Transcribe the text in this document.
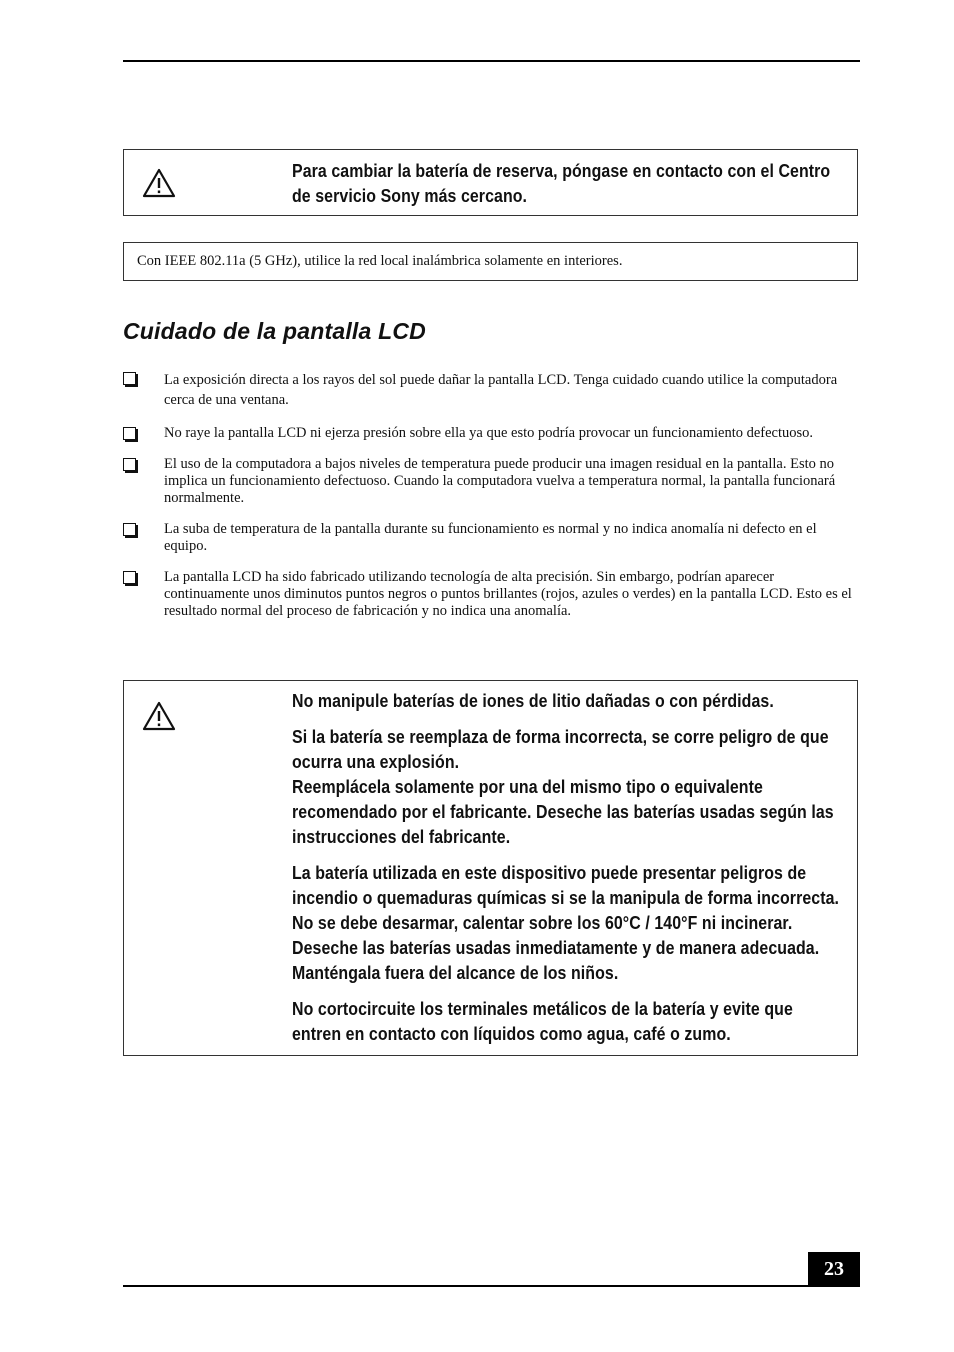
Para cambiar la batería de reserva, póngase en contacto con el Centro de servicio Sony más cercano.

Con IEEE 802.11a (5 GHz), utilice la red local inalámbrica solamente en interiores.
Cuidado de la pantalla LCD
La exposición directa a los rayos del sol puede dañar la pantalla LCD. Tenga cuidado cuando utilice la computadora cerca de una ventana.
No raye la pantalla LCD ni ejerza presión sobre ella ya que esto podría provocar un funcionamiento defectuoso.
El uso de la computadora a bajos niveles de temperatura puede producir una imagen residual en la pantalla. Esto no implica un funcionamiento defectuoso. Cuando la computadora vuelva a temperatura normal, la pantalla funcionará normalmente.
La suba de temperatura de la pantalla durante su funcionamiento es normal y no indica anomalía ni defecto en el equipo.
La pantalla LCD ha sido fabricado utilizando tecnología de alta precisión. Sin embargo, podrían aparecer continuamente unos diminutos puntos negros o puntos brillantes (rojos, azules o verdes) en la pantalla LCD. Esto es el resultado normal del proceso de fabricación y no indica una anomalía.

No manipule baterías de iones de litio dañadas o con pérdidas.

Si la batería se reemplaza de forma incorrecta, se corre peligro de que ocurra una explosión.

Reemplácela solamente por una del mismo tipo o equivalente recomendado por el fabricante. Deseche las baterías usadas según las instrucciones del fabricante.

La batería utilizada en este dispositivo puede presentar peligros de incendio o quemaduras químicas si se la manipula de forma incorrecta. No se debe desarmar, calentar sobre los 60°C / 140°F ni incinerar. Deseche las baterías usadas inmediatamente y de manera adecuada. Manténgala fuera del alcance de los niños.

No cortocircuite los terminales metálicos de la batería y evite que entren en contacto con líquidos como agua, café o zumo.

23
